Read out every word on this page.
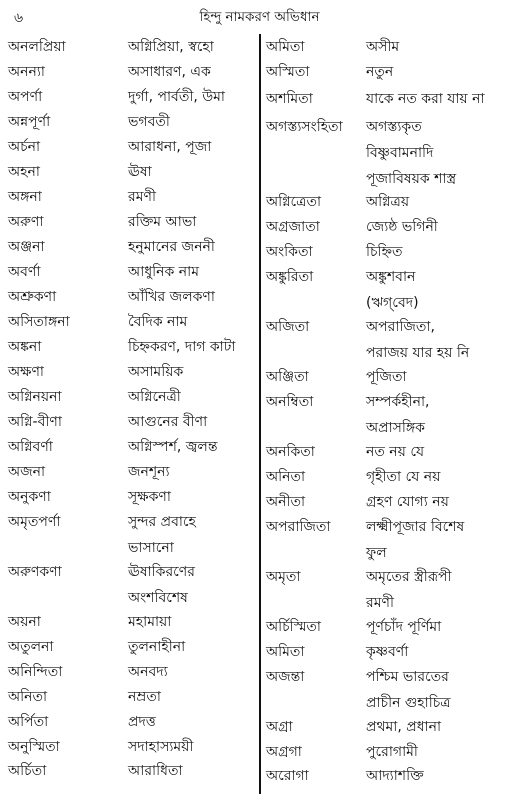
৬	হিন্দু নামকরণ অভিধান
অনলপ্রিয়া	অগ্নিপ্রিয়া, স্বহো
অনন্যা	অসাধারণ, এক
অপর্ণা	দুর্গা, পার্বতী, উমা
অন্নপূর্ণা	ভগবতী
অর্চনা	আরাধনা, পূজা
অহনা	ঊষা
অঙ্গনা	রমণী
অরুণা	রক্তিম আভা
অঞ্জনা	হনুমানের জননী
অবর্ণা	আধুনিক নাম
অশ্রুকণা	আঁখির জলকণা
অসিতাঙ্গনা	বৈদিক নাম
অঙ্কনা	চিহ্নকরণ, দাগ কাটা
অক্ষণা	অসাময়িক
অগ্নিনয়না	অগ্নিনেত্রী
অগ্নি-বীণা	আগুনের বীণা
অগ্নিবর্ণা	অগ্নিস্পর্শ, জ্বলন্ত
অজনা	জনশূন্য
অনুকণা	সূক্ষকণা
অমৃতপর্ণা	সুন্দর প্রবাহে
ভাসানো
অরুণকণা	ঊষাকিরণের
অংশবিশেষ
অয়না	মহামায়া
অতুলনা	তুলনাহীনা
অনিন্দিতা	অনবদ্য
অনিতা	নম্রতা
অর্পিতা	প্রদত্ত
অনুস্মিতা	সদাহাস্যময়ী
অর্চিতা	আরাধিতা
অমিতা	অসীম
অস্মিতা	নতুন
অশমিতা	যাকে নত করা যায় না
অগস্ত্যসংহিতা অগস্ত্যকৃত
বিষ্ণুবামনাদি
পূজাবিষয়ক শাস্ত্র
অগ্নিত্রেতা	অগ্নিত্রয়
অগ্রজাতা	জ্যেষ্ঠ ভগিনী
অংকিতা	চিহ্নিত
অঙ্কুরিতা	অঙ্কুশবান
(ঋগ্‌বেদ)
অজিতা	অপরাজিতা,
পরাজয় যার হয় নি
অঞ্জিতা	পূজিতা
অনম্বিতা	সম্পর্কহীনা,
অপ্রাসঙ্গিক
অনকিতা	নত নয় যে
অনিতা	গৃহীতা যে নয়
অনীতা	গ্রহণ যোগ্য নয়
অপরাজিতা	লক্ষ্মীপূজার বিশেষ
ফুল
অমৃতা	অমৃতের স্ত্রীরূপী
রমণী
অর্চিস্মিতা	পূর্ণচাঁদ পূর্ণিমা
অমিতা	কৃষ্ণবর্ণা
অজন্তা	পশ্চিম ভারতের
প্রাচীন গুহাচিত্র
অগ্রা	প্রথমা, প্রধানা
অগ্রগা	পুরোগামী
অরোগা	আদ্যাশক্তি
